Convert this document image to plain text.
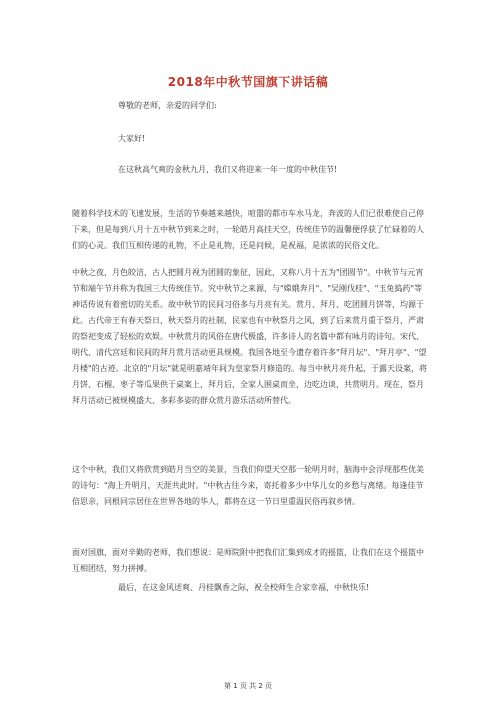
2018年中秋节国旗下讲话稿

尊敬的老师，亲爱的同学们:

大家好!

在这秋高气爽的金秋九月，我们又将迎来一年一度的中秋佳节!

随着科学技术的飞速发展，生活的节奏越来越快，喧嚣的都市车水马龙，奔波的人们已很难使自己停下来，但是每到八月十五中秋节到来之时，一轮皓月高挂天空，传统佳节的温馨便俘获了忙碌着的人们的心灵。我们互相传递的礼物，不止是礼物，还是问候，是祝福，是浓浓的民俗文化。

中秋之夜，月色皎洁，古人把圆月视为团圆的象征，因此，又称八月十五为"团圆节"。中秋节与元宵节和端午节并称为我国三大传统佳节。究中秋节之来源，与"嫦娥奔月"、"吴刚伐桂"、"玉兔捣药"等神话传说有着密切的关系。故中秋节的民间习俗多与月亮有关。赏月、拜月、吃团圆月饼等，均源于此。古代帝王有春天祭日，秋天祭月的社制，民家也有中秋祭月之风，到了后来赏月重于祭月，严肃的祭祀变成了轻松的欢娱。中秋赏月的风俗在唐代极盛，许多诗人的名篇中都有咏月的诗句。宋代、明代、清代宫廷和民间的拜月赏月活动更具规模。我国各地至今遗存着许多"拜月坛"、"拜月亭"、"望月楼"的古迹。北京的"月坛"就是明嘉靖年间为皇家祭月修造的。每当中秋月亮升起，于露天设案，将月饼、石榴、枣子等瓜果供于桌案上，拜月后，全家人围桌而坐，边吃边谈，共赏明月。现在，祭月拜月活动已被规模盛大、多彩多姿的群众赏月游乐活动所替代。

这个中秋，我们又将欣赏到皓月当空的美景，当我们仰望天空那一轮明月时，脑海中会浮现那些优美的诗句："海上升明月，天涯共此时。"中秋古往今来，寄托着多少中华儿女的乡愁与离绪。每逢佳节倍思亲，同根同宗居住在世界各地的华人，都将在这一节日里重温民俗再叙乡情。

面对国旗，面对辛勤的老师，我们想说：是师院附中把我们汇集到成才的摇篮，让我们在这个摇篮中互相团结，努力拼搏。

最后，在这金风送爽、丹桂飘香之际，祝全校师生合家幸福，中秋快乐!

第 1 页 共 2 页
